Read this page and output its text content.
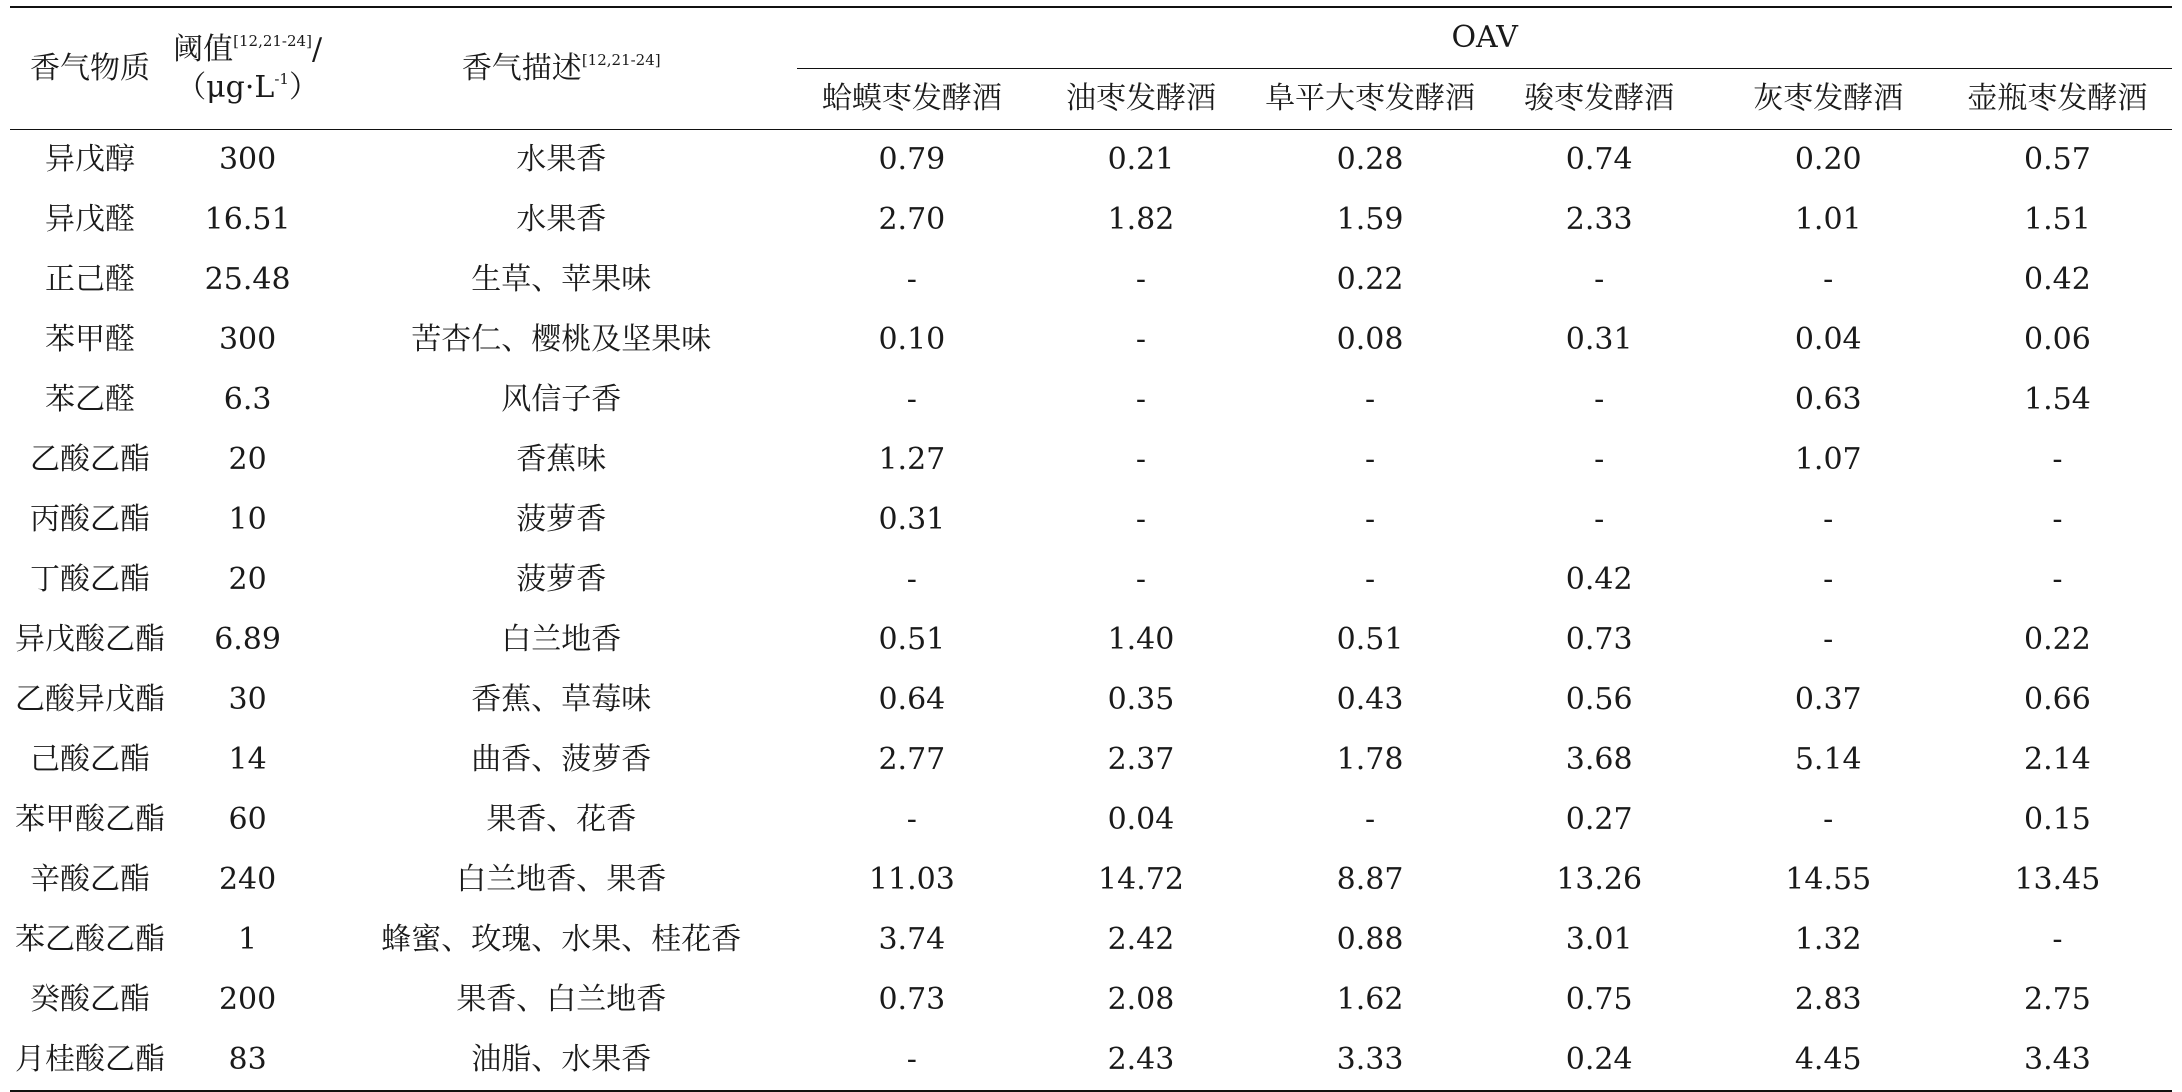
香气物质	阈值[12,21-24]/
$(\mu g\cdot L^{-1})$	香气描述[12,21-24]	OAV					
			蛤蟆枣发酵酒	油枣发酵酒	阜平大枣发酵酒	骏枣发酵酒	灰枣发酵酒	壶瓶枣发酵酒
异戊醇	300	水果香	0.79	0.21	0.28	0.74	0.20	0.57
异戊醛	16.51	水果香	2.70	1.82	1.59	2.33	1.01	1.51
正己醛	25.48	生草、苹果味	-	-	0.22	-	-	0.42
苯甲醛	300	苦杏仁、樱桃及坚果味	0.10	-	0.08	0.31	0.04	0.06
苯乙醛	6.3	风信子香	-	-	-	-	0.63	1.54
乙酸乙酯	20	香蕉味	1.27	-	-	-	1.07	-
丙酸乙酯	10	菠萝香	0.31	-	-	-	-	-
丁酸乙酯	20	菠萝香	-	-	-	0.42	-	-
异戊酸乙酯	6.89	白兰地香	0.51	1.40	0.51	0.73	-	0.22
乙酸异戊酯	30	香蕉、草莓味	0.64	0.35	0.43	0.56	0.37	0.66
己酸乙酯	14	曲香、菠萝香	2.77	2.37	1.78	3.68	5.14	2.14
苯甲酸乙酯	60	果香、花香	-	0.04	-	0.27	-	0.15
辛酸乙酯	240	白兰地香、果香	11.03	14.72	8.87	13.26	14.55	13.45
苯乙酸乙酯	1	蜂蜜、玫瑰、水果、桂花香	3.74	2.42	0.88	3.01	1.32	-
癸酸乙酯	200	果香、白兰地香	0.73	2.08	1.62	0.75	2.83	2.75
月桂酸乙酯	83	油脂、水果香	-	2.43	3.33	0.24	4.45	3.43
